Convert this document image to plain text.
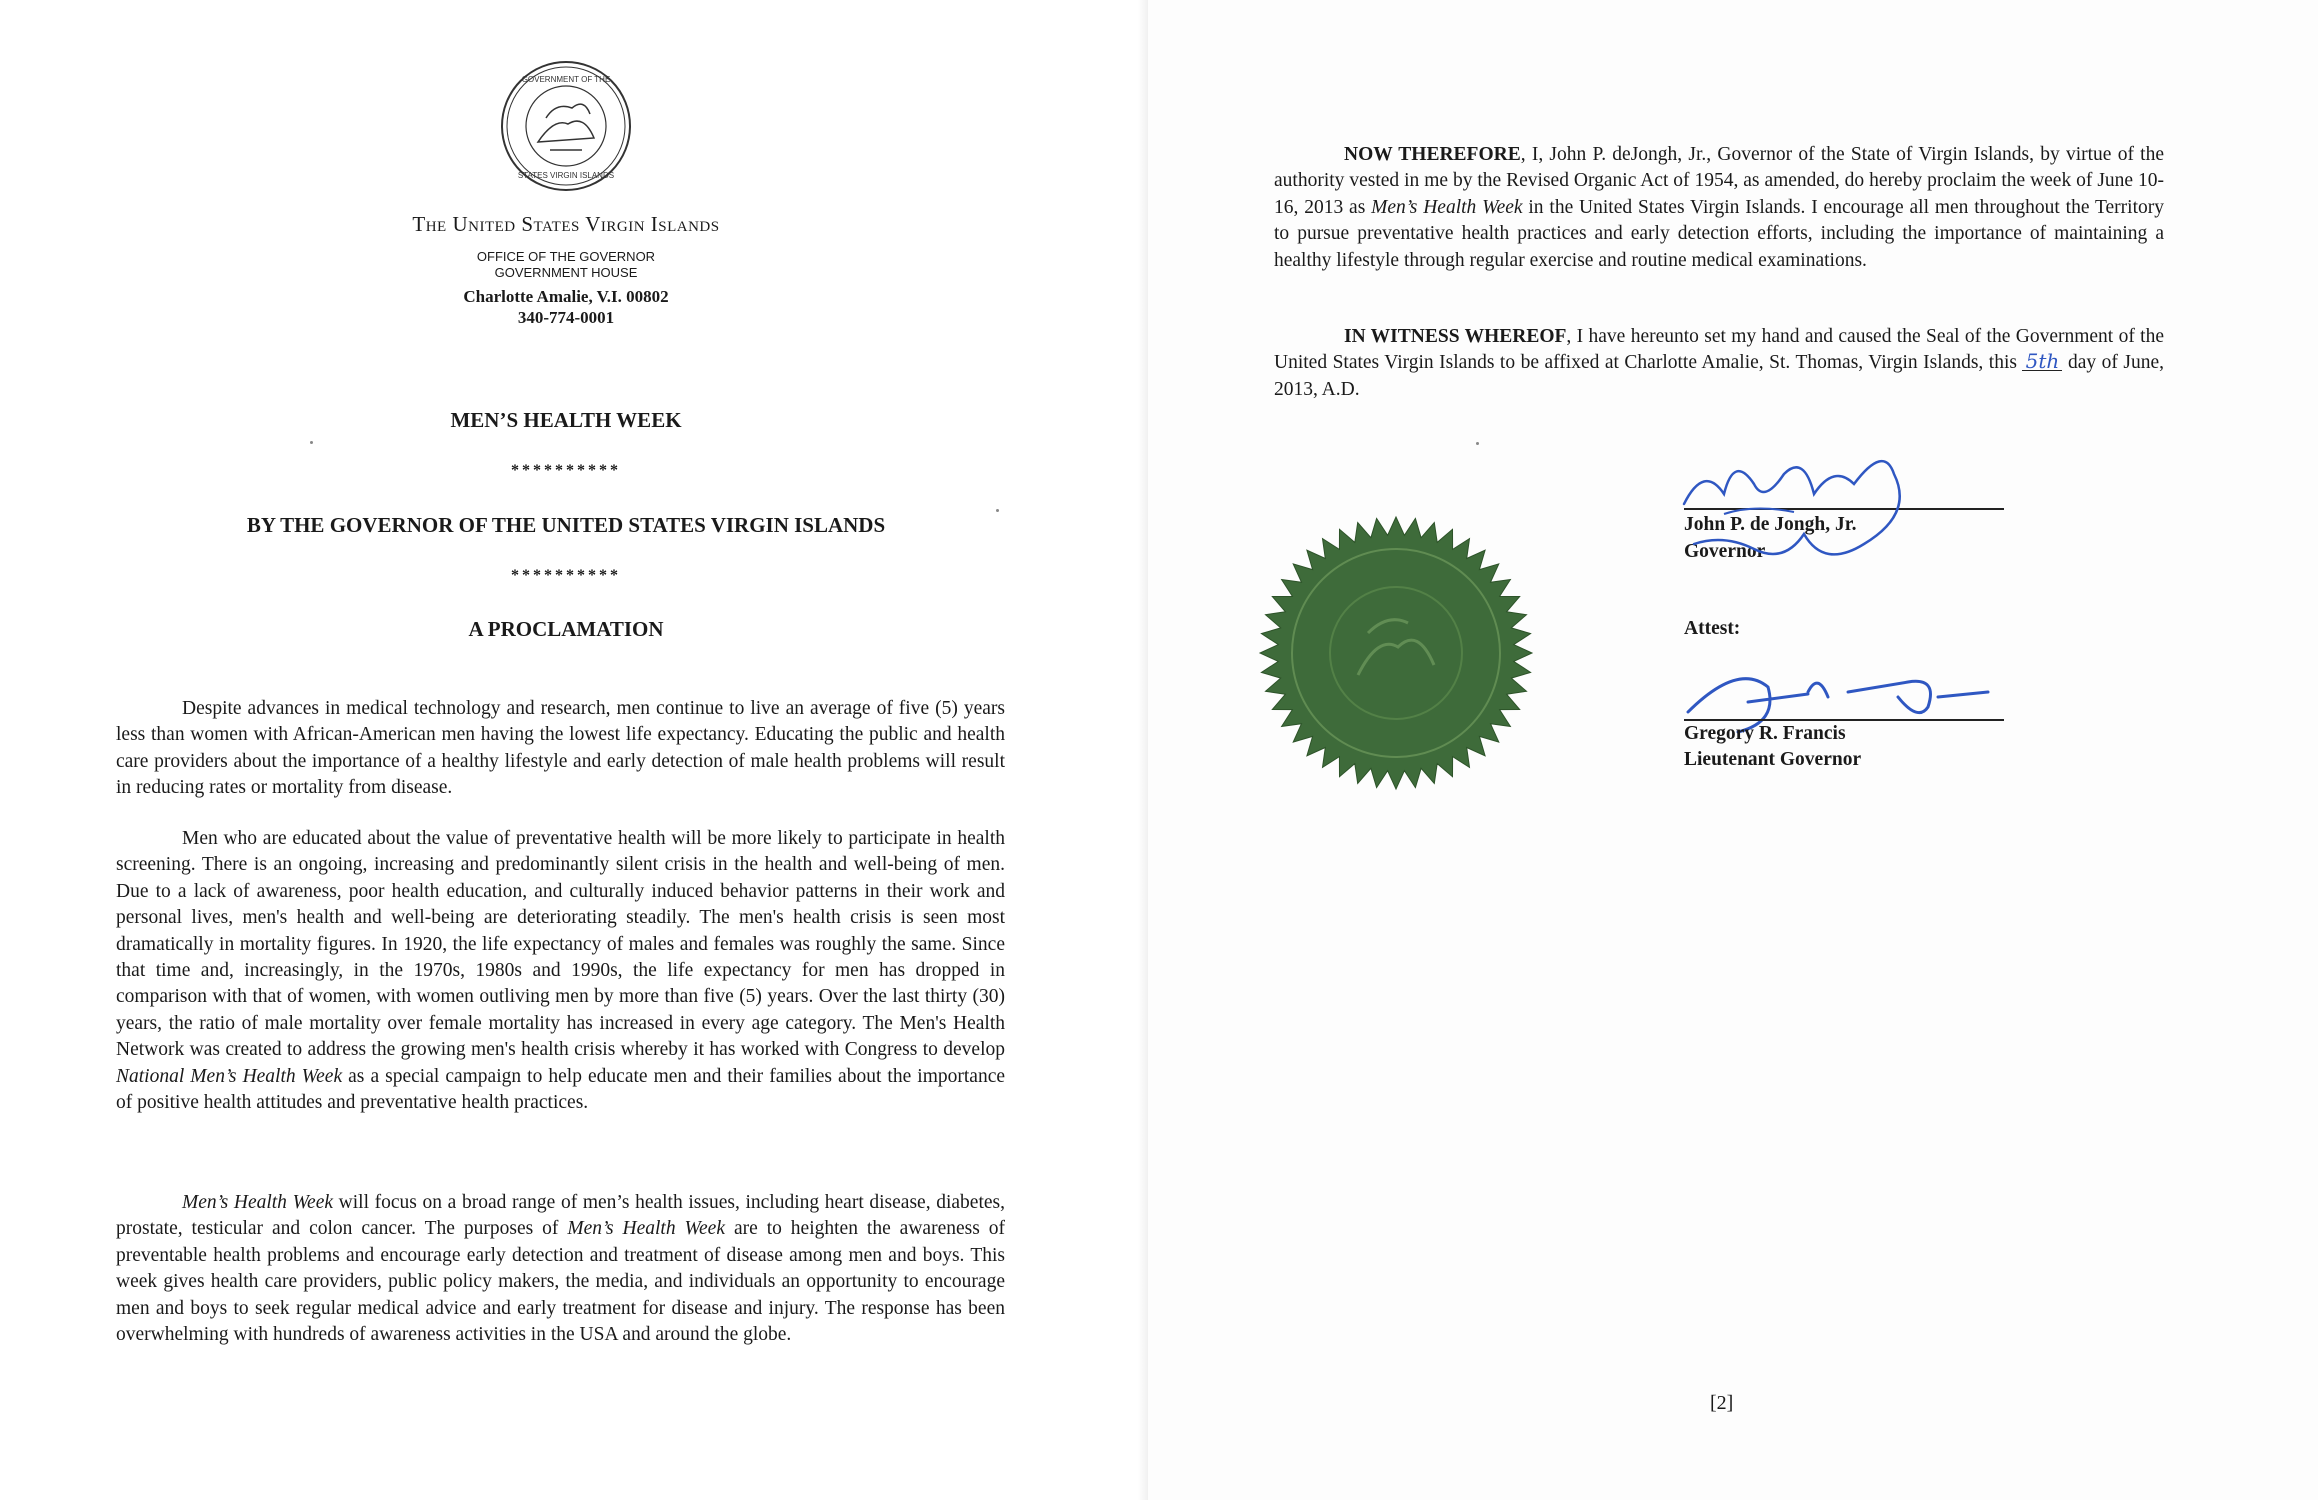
GOVERNMENT OF THE
STATES VIRGIN ISLANDS
The United States Virgin Islands
OFFICE OF THE GOVERNOR
GOVERNMENT HOUSE
Charlotte Amalie, V.I. 00802
340-774-0001
MEN’S HEALTH WEEK
**********
BY THE GOVERNOR OF THE UNITED STATES VIRGIN ISLANDS
**********
A PROCLAMATION

Despite advances in medical technology and research, men continue to live an average of five (5) years less than women with African-American men having the lowest life expectancy. Educating the public and health care providers about the importance of a healthy lifestyle and early detection of male health problems will result in reducing rates or mortality from disease.

Men who are educated about the value of preventative health will be more likely to participate in health screening. There is an ongoing, increasing and predominantly silent crisis in the health and well-being of men. Due to a lack of awareness, poor health education, and culturally induced behavior patterns in their work and personal lives, men's health and well-being are deteriorating steadily. The men's health crisis is seen most dramatically in mortality figures. In 1920, the life expectancy of males and females was roughly the same. Since that time and, increasingly, in the 1970s, 1980s and 1990s, the life expectancy for men has dropped in comparison with that of women, with women outliving men by more than five (5) years. Over the last thirty (30) years, the ratio of male mortality over female mortality has increased in every age category. The Men's Health Network was created to address the growing men's health crisis whereby it has worked with Congress to develop National Men’s Health Week as a special campaign to help educate men and their families about the importance of positive health attitudes and preventative health practices.

Men’s Health Week will focus on a broad range of men’s health issues, including heart disease, diabetes, prostate, testicular and colon cancer. The purposes of Men’s Health Week are to heighten the awareness of preventable health problems and encourage early detection and treatment of disease among men and boys. This week gives health care providers, public policy makers, the media, and individuals an opportunity to encourage men and boys to seek regular medical advice and early treatment for disease and injury. The response has been overwhelming with hundreds of awareness activities in the USA and around the globe.

NOW THEREFORE, I, John P. deJongh, Jr., Governor of the State of Virgin Islands, by virtue of the authority vested in me by the Revised Organic Act of 1954, as amended, do hereby proclaim the week of June 10-16, 2013 as Men’s Health Week in the United States Virgin Islands. I encourage all men throughout the Territory to pursue preventative health practices and early detection efforts, including the importance of maintaining a healthy lifestyle through regular exercise and routine medical examinations.

IN WITNESS WHEREOF, I have hereunto set my hand and caused the Seal of the Government of the United States Virgin Islands to be affixed at Charlotte Amalie, St. Thomas, Virgin Islands, this 5th day of June, 2013, A.D.

John P. de Jongh, Jr.
Governor
Attest:
Gregory R. Francis
Lieutenant Governor
[2]
